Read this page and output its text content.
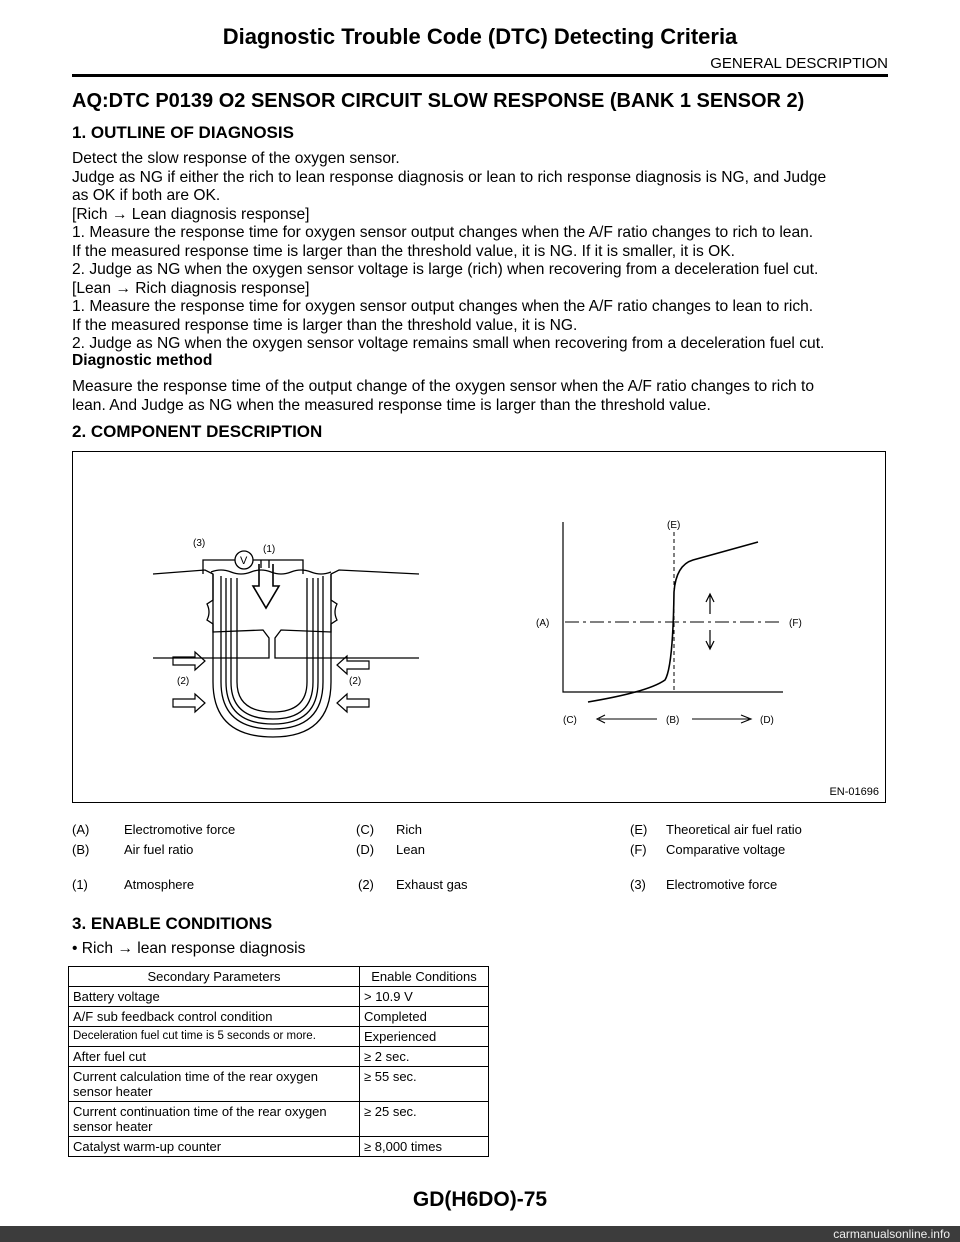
Diagnostic Trouble Code (DTC) Detecting Criteria
GENERAL DESCRIPTION
AQ:DTC P0139 O2 SENSOR CIRCUIT SLOW RESPONSE (BANK 1 SENSOR 2)
1. OUTLINE OF DIAGNOSIS
Detect the slow response of the oxygen sensor.
Judge as NG if either the rich to lean response diagnosis or lean to rich response diagnosis is NG, and Judge
as OK if both are OK.
[Rich → Lean diagnosis response]
1. Measure the response time for oxygen sensor output changes when the A/F ratio changes to rich to lean.
If the measured response time is larger than the threshold value, it is NG. If it is smaller, it is OK.
2. Judge as NG when the oxygen sensor voltage is large (rich) when recovering from a deceleration fuel cut.
[Lean → Rich diagnosis response]
1. Measure the response time for oxygen sensor output changes when the A/F ratio changes to lean to rich.
If the measured response time is larger than the threshold value, it is NG.
2. Judge as NG when the oxygen sensor voltage remains small when recovering from a deceleration fuel cut.
Diagnostic method
Measure the response time of the output change of the oxygen sensor when the A/F ratio changes to rich to
lean. And Judge as NG when the measured response time is larger than the threshold value.
2. COMPONENT DESCRIPTION
V
(3)
(1)
(2)	(2)
(E)
(A)	(F)
(C)	(B)	(D)
EN-01696
(A)	Electromotive force	(C) Rich	(E) Theoretical air fuel ratio
(B)	Air fuel ratio	(D) Lean	(F) Comparative voltage
(1)	Atmosphere	(2) Exhaust gas	(3) Electromotive force
3. ENABLE CONDITIONS
• Rich → lean response diagnosis
Secondary Parameters	Enable Conditions
Battery voltage	> 10.9 V
A/F sub feedback control condition	Completed
Deceleration fuel cut time is 5 seconds or more.	Experienced
After fuel cut	≥ 2 sec.
Current calculation time of the rear oxygen sensor heater	≥ 55 sec.
Current continuation time of the rear oxygen sensor heater	≥ 25 sec.
Catalyst warm-up counter	≥ 8,000 times
GD(H6DO)-75
carmanualsonline.info
